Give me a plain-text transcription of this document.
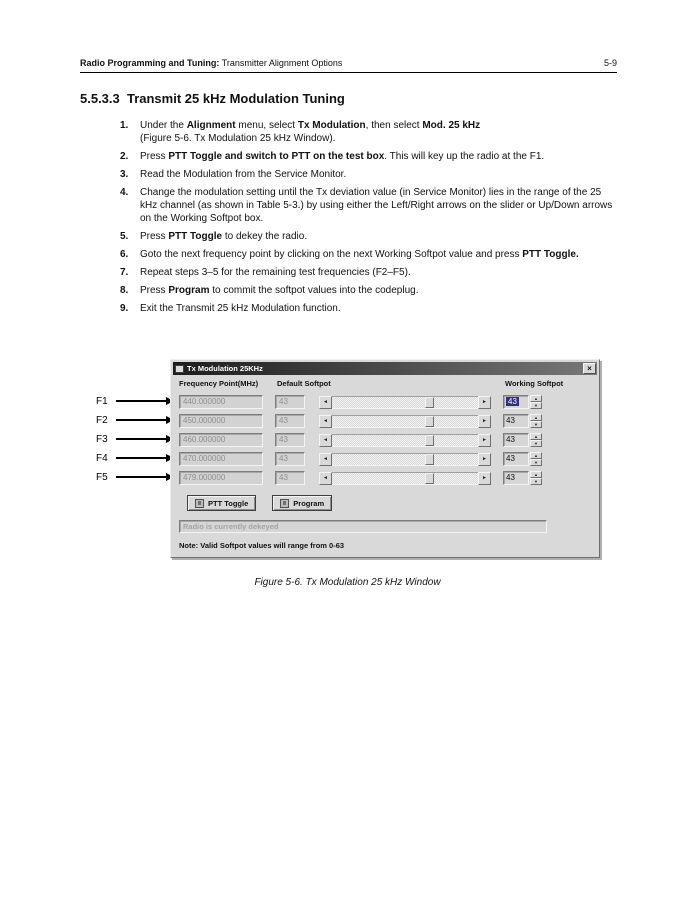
Radio Programming and Tuning: Transmitter Alignment Options	5-9
5.5.3.3  Transmit 25 kHz Modulation Tuning
1.	Under the Alignment menu, select Tx Modulation, then select Mod. 25 kHz
(Figure 5-6. Tx Modulation 25 kHz Window).
2.	Press PTT Toggle and switch to PTT on the test box. This will key up the radio at the F1.
3.	Read the Modulation from the Service Monitor.
4.	Change the modulation setting until the Tx deviation value (in Service Monitor) lies in the range of the 25 kHz channel (as shown in Table 5-3.) by using either the Left/Right arrows on the slider or Up/Down arrows on the Working Softpot box.
5.	Press PTT Toggle to dekey the radio.
6.	Goto the next frequency point by clicking on the next Working Softpot value and press PTT Toggle.
7.	Repeat steps 3–5 for the remaining test frequencies (F2–F5).
8.	Press Program to commit the softpot values into the codeplug.
9.	Exit the Transmit 25 kHz Modulation function.
F1
F2
F3
F4
F5
Tx Modulation 25KHz	×
Frequency Point(MHz)	Default Softpot	Working Softpot
440.000000	43	◄	►	43	▲
▼
450.000000	43	◄	►	43	▲
▼
460.000000	43	◄	►	43	▲
▼
470.000000	43	◄	►	43	▲
▼
479.000000	43	◄	►	43	▲
▼
PTT Toggle	Program
Radio is currently dekeyed
Note: Valid Softpot values will range from 0-63
Figure 5-6. Tx Modulation 25 kHz Window
